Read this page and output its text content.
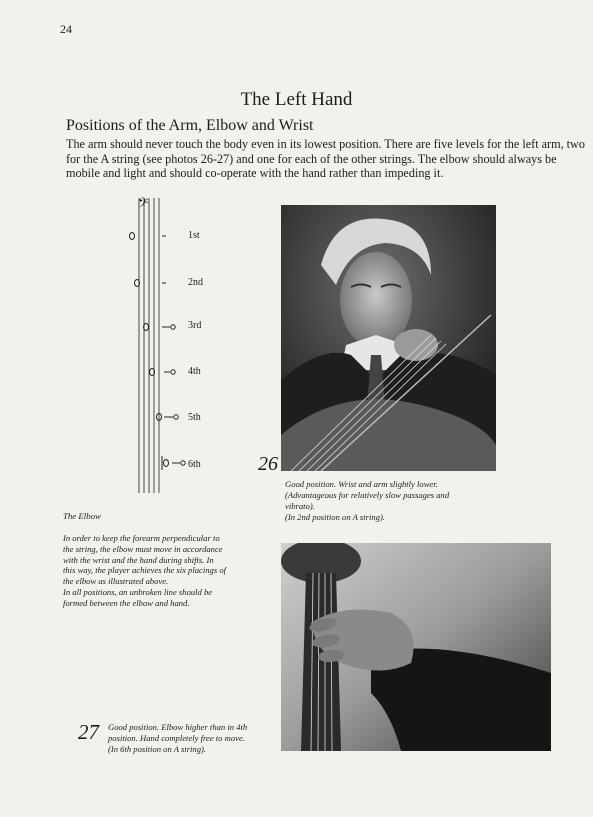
24
The Left Hand
Positions of the Arm, Elbow and Wrist
The arm should never touch the body even in its lowest position. There are five levels for the left arm, two for the A string (see photos 26-27) and one for each of the other strings. The elbow should always be mobile and light and should co-operate with the hand rather than impeding it.
𝄢
1st
2nd
3rd
4th
5th
6th	26
Good position. Wrist and arm slightly lower.
(Advantageous for relatively slow passages and
vibrato).
(In 2nd position on A string).
The Elbow
In order to keep the forearm perpendicular to
the string, the elbow must move in accordance
with the wrist and the hand during shifts. In
this way, the player achieves the six placings of
the elbow as illustrated above.
In all positions, an unbroken line should be
formed between the elbow and hand.
27 Good position. Elbow higher than in 4th
position. Hand completely free to move.
(In 6th position on A string).
